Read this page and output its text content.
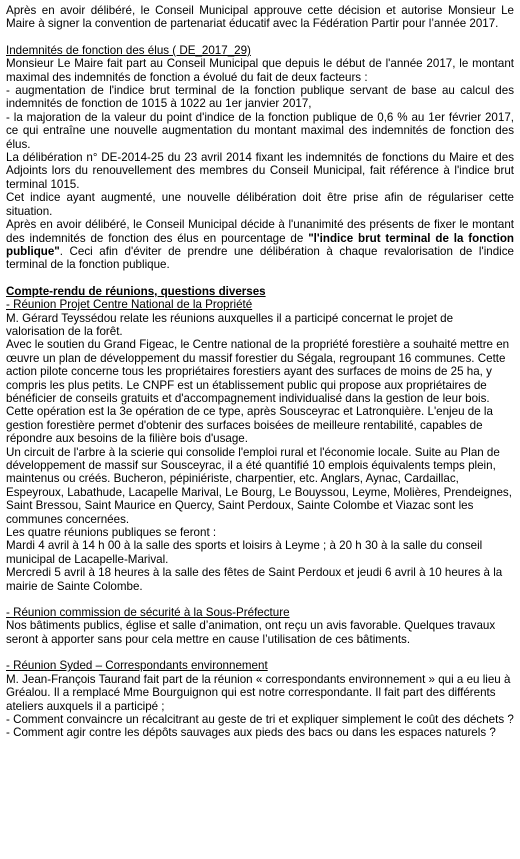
Après en avoir délibéré, le Conseil Municipal approuve cette décision et autorise Monsieur Le Maire à signer la convention de partenariat éducatif avec la Fédération Partir pour l’année 2017.

Indemnités de fonction des élus ( DE_2017_29)

Monsieur Le Maire fait part au Conseil Municipal que depuis le début de l'année 2017, le montant maximal des indemnités de fonction a évolué du fait de deux facteurs :

- augmentation de l'indice brut terminal de la fonction publique servant de base au calcul des indemnités de fonction de 1015 à 1022 au 1er janvier 2017,

- la majoration de la valeur du point d'indice de la fonction publique de 0,6 % au 1er février 2017, ce qui entraîne une nouvelle augmentation du montant maximal des indemnités de fonction des élus.

La délibération n° DE-2014-25 du 23 avril 2014 fixant les indemnités de fonctions du Maire et des Adjoints lors du renouvellement des membres du Conseil Municipal, fait référence à l'indice brut terminal 1015.

Cet indice ayant augmenté, une nouvelle délibération doit être prise afin de régulariser cette situation.

Après en avoir délibéré, le Conseil Municipal décide à l'unanimité des présents de fixer le montant des indemnités de fonction des élus en pourcentage de "l'indice brut terminal de la fonction publique". Ceci afin d'éviter de prendre une délibération à chaque revalorisation de l'indice terminal de la fonction publique.

Compte-rendu de réunions, questions diverses

- Réunion Projet Centre National de la Propriété

M. Gérard Teyssédou relate les réunions auxquelles il a participé concernat le projet de valorisation de la forêt.

Avec le soutien du Grand Figeac, le Centre national de la propriété forestière a souhaité mettre en œuvre un plan de développement du massif forestier du Ségala, regroupant 16 communes. Cette action pilote concerne tous les propriétaires forestiers ayant des surfaces de moins de 25 ha, y compris les plus petits. Le CNPF est un établissement public qui propose aux propriétaires de bénéficier de conseils gratuits et d'accompagnement individualisé dans la gestion de leur bois. Cette opération est la 3e opération de ce type, après Sousceyrac et Latronquière. L'enjeu de la gestion forestière permet d'obtenir des surfaces boisées de meilleure rentabilité, capables de répondre aux besoins de la filière bois d'usage.

Un circuit de l'arbre à la scierie qui consolide l'emploi rural et l'économie locale. Suite au Plan de développement de massif sur Sousceyrac, il a été quantifié 10 emplois équivalents temps plein, maintenus ou créés. Bucheron, pépiniériste, charpentier, etc. Anglars, Aynac, Cardaillac, Espeyroux, Labathude, Lacapelle Marival, Le Bourg, Le Bouyssou, Leyme, Molières, Prendeignes, Saint Bressou, Saint Maurice en Quercy, Saint Perdoux, Sainte Colombe et Viazac sont les communes concernées.

Les quatre réunions publiques se feront :

Mardi 4 avril à 14 h 00 à la salle des sports et loisirs à Leyme ; à 20 h 30 à la salle du conseil municipal de Lacapelle-Marival.

Mercredi 5 avril à 18 heures à la salle des fêtes de Saint Perdoux et jeudi 6 avril à 10 heures à la mairie de Sainte Colombe.

- Réunion commission de sécurité à la Sous-Préfecture

Nos bâtiments publics, église et salle d’animation, ont reçu un avis favorable. Quelques travaux seront à apporter sans pour cela mettre en cause l’utilisation de ces bâtiments.

- Réunion Syded – Correspondants environnement

M. Jean-François Taurand fait part de la réunion « correspondants environnement » qui a eu lieu à Gréalou. Il a remplacé Mme Bourguignon qui est notre correspondante. Il fait part des différents ateliers auxquels il a participé ;

- Comment convaincre un récalcitrant au geste de tri et expliquer simplement le coût des déchets ?

- Comment agir contre les dépôts sauvages aux pieds des bacs ou dans les espaces naturels ?
